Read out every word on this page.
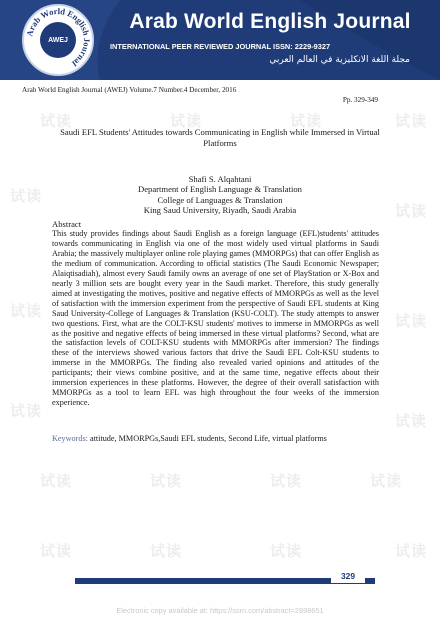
Arab World English Journal
AWEJ
Arab World English Journal
INTERNATIONAL PEER REVIEWED JOURNAL ISSN: 2229-9327
مجلة اللغة الانكليزية في العالم العربي
试读	试读	试读	试读
试读
试读
试读
试读
试读
试读
试读	试读	试读	试读
试读	试读	试读	试读
Arab World English Journal (AWEJ) Volume.7 Number.4 December, 2016
Pp. 329-349
Saudi EFL Students' Attitudes towards Communicating in English while Immersed in Virtual Platforms
Shafi S. Alqahtani
Department of English Language & Translation
College of Languages & Translation
King Saud University, Riyadh, Saudi Arabia
Abstract

This study provides findings about Saudi English as a foreign language (EFL)students' attitudes towards communicating in English via one of the most widely used virtual platforms in Saudi Arabia; the massively multiplayer online role playing games (MMORPGs) that can offer English as the medium of communication. According to official statistics (The Saudi Economic Newspaper; Alaiqtisadiah), almost every Saudi family owns an average of one set of PlayStation or X-Box and nearly 3 million sets are bought every year in the Saudi market. Therefore, this study generally aimed at investigating the motives, positive and negative effects of MMORPGs as well as the level of satisfaction with the immersion experiment from the perspective of Saudi EFL students at King Saud University-College of Languages & Translation (KSU-COLT). The study attempts to answer two questions. First, what are the COLT-KSU students' motives to immerse in MMORPGs as well as the positive and negative effects of being immersed in these virtual platforms? Second, what are the satisfaction levels of COLT-KSU students with MMORPGs after immersion? The findings these of the interviews showed various factors that drive the Saudi EFL Colt-KSU students to immerse in the MMORPGs. The finding also revealed varied opinions and attitudes of the participants; their views combine positive, and at the same time, negative effects about their immersion experiences in these platforms. However, the degree of their overall satisfaction with MMORPGs as a tool to learn EFL was high throughout the four weeks of the immersion experience.

Keywords: attitude, MMORPGs,Saudi EFL students, Second Life, virtual platforms
329
Electronic copy available at: https://ssrn.com/abstract=2898651
